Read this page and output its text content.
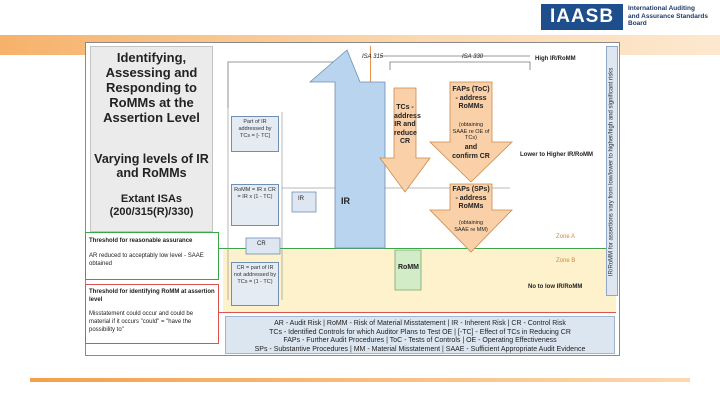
IAASB	International Auditing and Assurance Standards Board
Identifying, Assessing and Responding to RoMMs at the Assertion Level
Varying levels of IR and RoMMs
Extant ISAs (200/315(R)/330)
Threshold for reasonable assurance
AR reduced to acceptably low level - SAAE obtained
Threshold for identifying RoMM at assertion level
Misstatement could occur and could be material if it occurs "could" = "have the possibility to"
ISA 315	ISA 330	High IR/RoMM
Lower to Higher IR/RoMM
No to low IR/RoMM
Zone A
Zone B
IR
IR
CR
RoMM
TCs - address IR and reduce CR
FAPs (ToC) - address RoMMs
(obtaining SAAE re OE of TCs)
and confirm CR
FAPs (SPs) - address RoMMs
(obtaining SAAE re MM)
Part of IR addressed by TCs = [- TC]
RoMM = IR x CR = IR x (1 - TC)
CR = part of IR not addressed by TCs = (1 - TC)
IR/RoMM for assertions vary from low/lower to higher/high and significant risks
AR - Audit Risk | RoMM - Risk of Material Misstatement | IR - Inherent Risk | CR - Control Risk
TCs - Identified Controls for which Auditor Plans to Test OE | [-TC] - Effect of TCs in Reducing CR
FAPs - Further Audit Procedures | ToC - Tests of Controls | OE - Operating Effectiveness
SPs - Substantive Procedures | MM - Material Misstatement | SAAE - Sufficient Appropriate Audit Evidence
